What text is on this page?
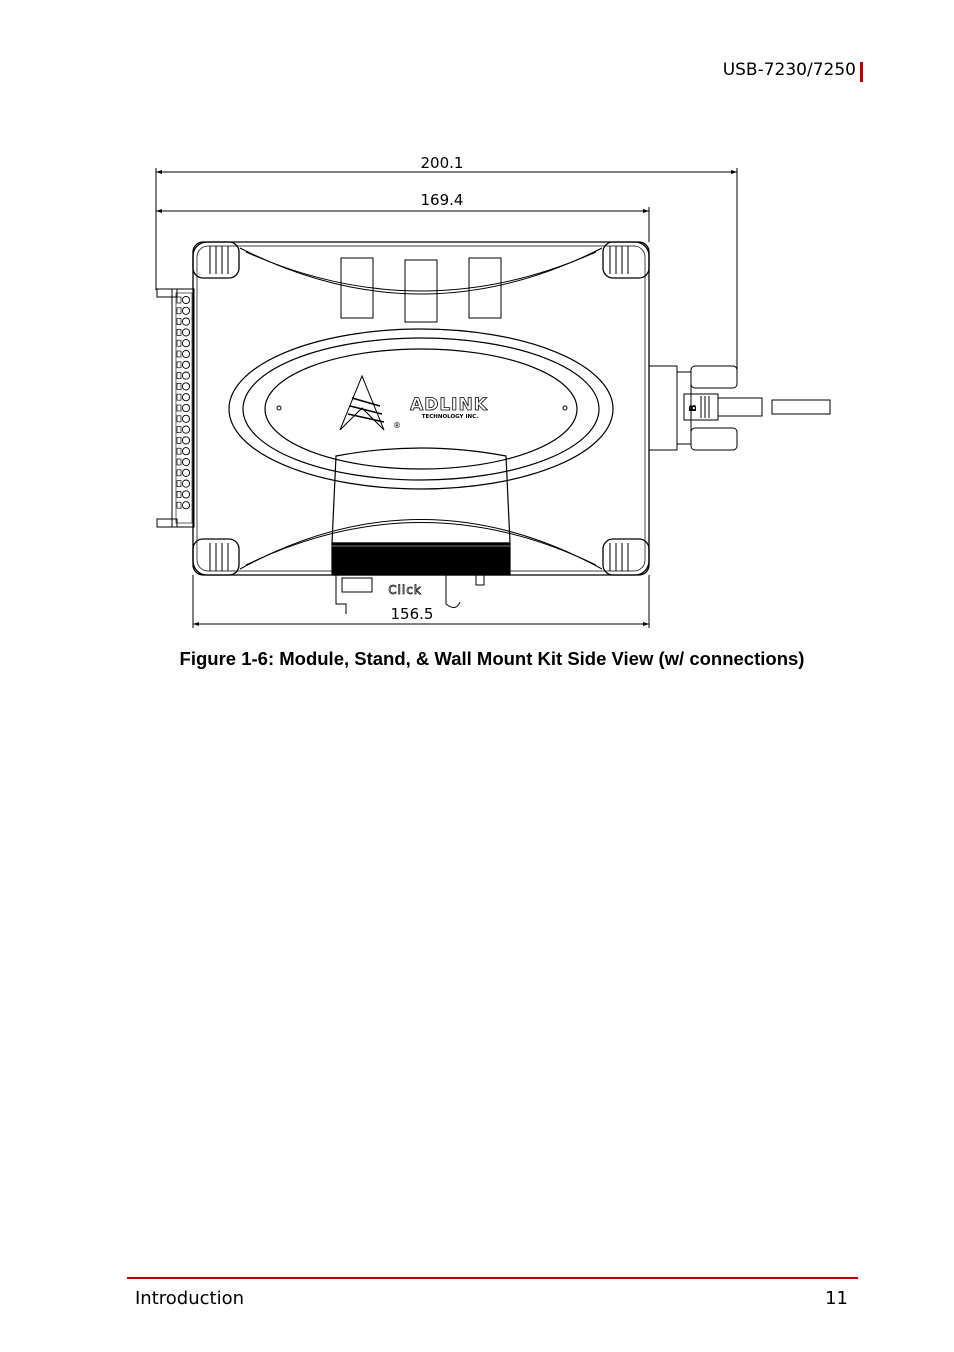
USB-7230/7250
200.1
169.4
156.5
ADLINK
TECHNOLOGY INC.
®
Click
B
Figure 1-6: Module, Stand, & Wall Mount Kit Side View (w/ connections)
Introduction	11
